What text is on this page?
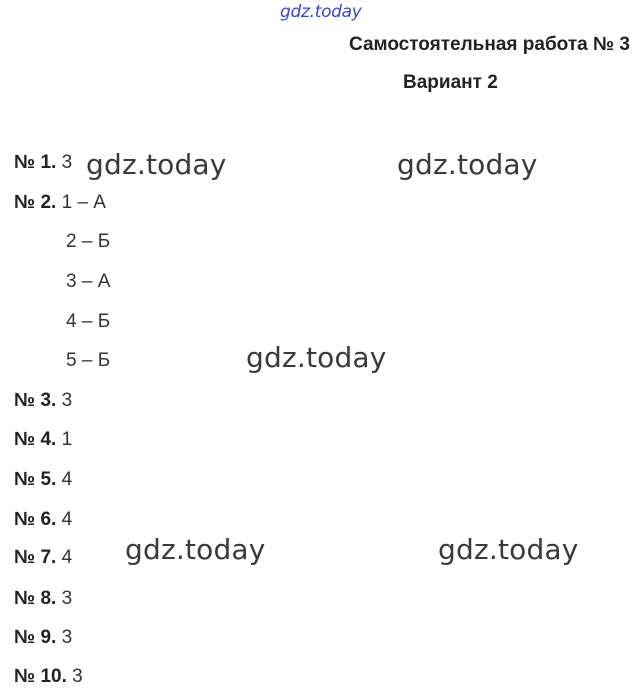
gdz.today
Самостоятельная работа № 3
Вариант 2
№ 1. 3
№ 2. 1 – А
2 – Б
3 – А
4 – Б
5 – Б
№ 3. 3
№ 4. 1
№ 5. 4
№ 6. 4
№ 7. 4
№ 8. 3
№ 9. 3
№ 10. 3
gdz.today	gdz.today
gdz.today
gdz.today	gdz.today
